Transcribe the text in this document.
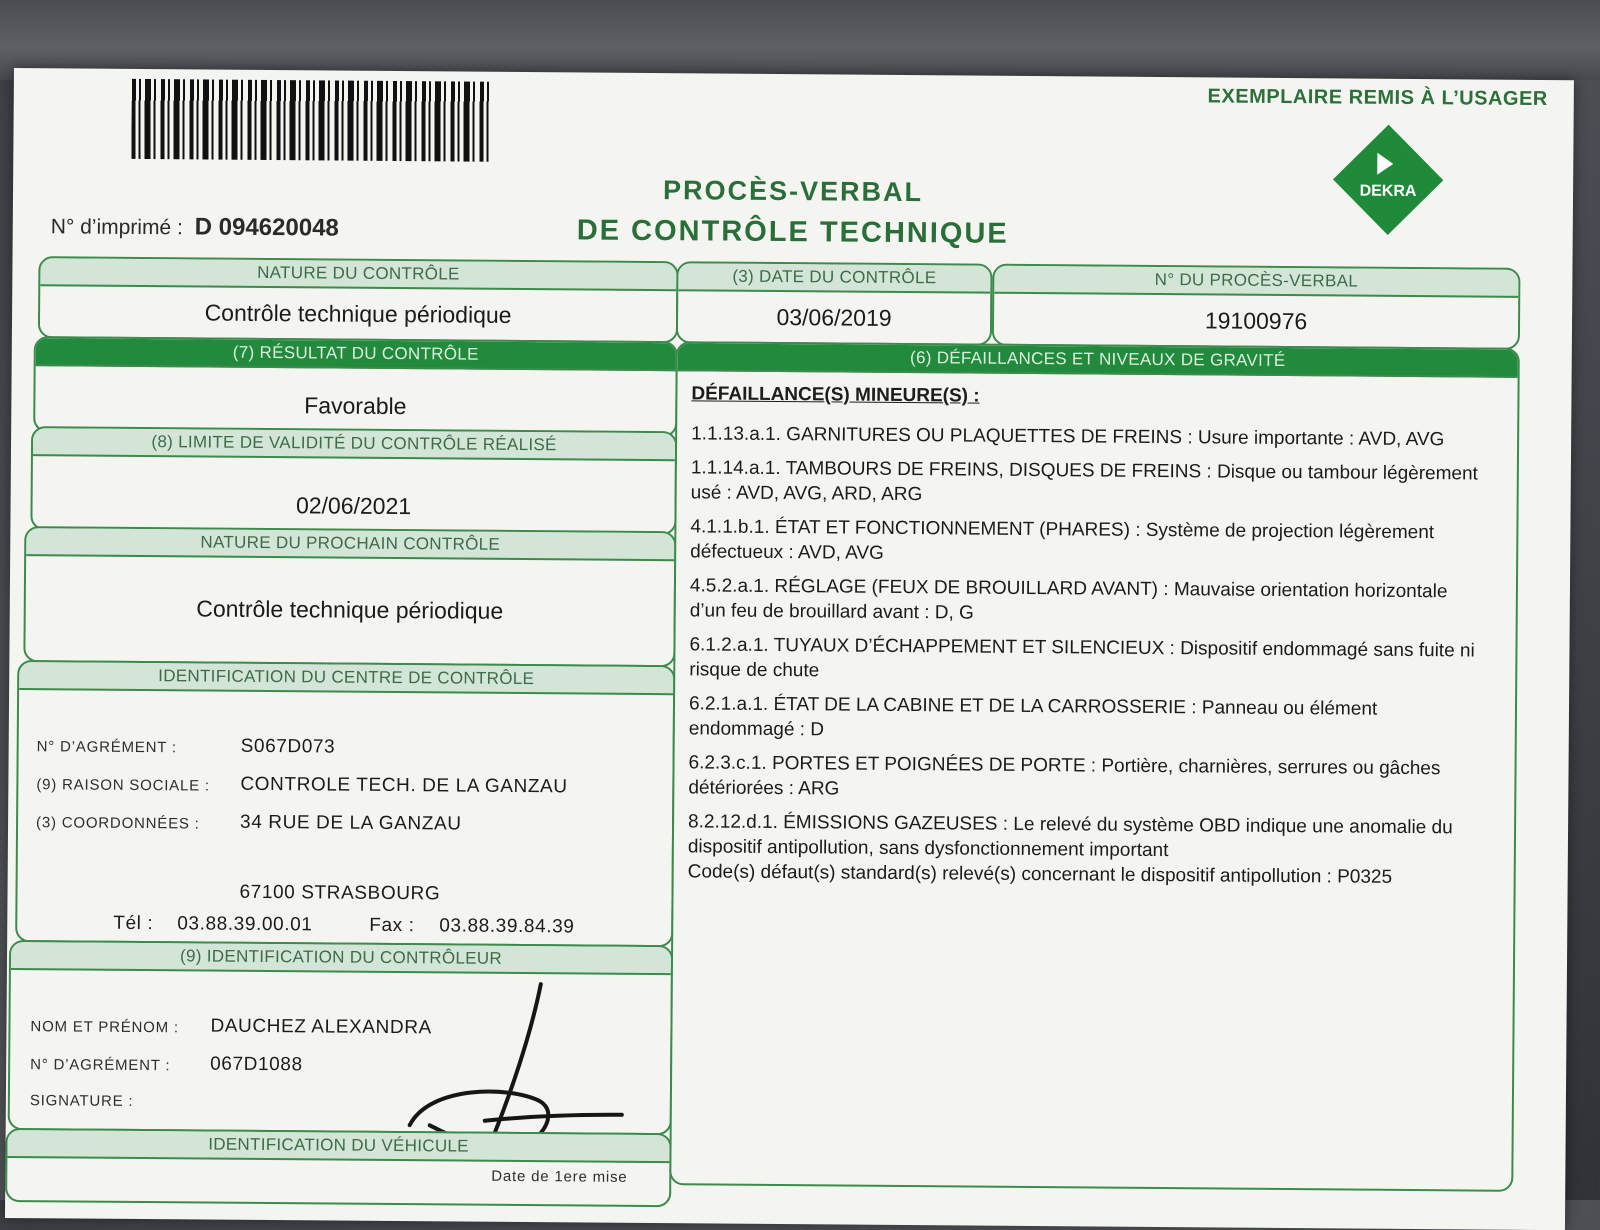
EXEMPLAIRE REMIS À L’USAGER
DEKRA
PROCÈS-VERBAL
DE CONTRÔLE TECHNIQUE
N° d’imprimé : D 094620048
NATURE DU CONTRÔLE
Contrôle technique périodique
(3) DATE DU CONTRÔLE
03/06/2019
N° DU PROCÈS-VERBAL
19100976
(7) RÉSULTAT DU CONTRÔLE
Favorable
(8) LIMITE DE VALIDITÉ DU CONTRÔLE RÉALISÉ
02/06/2021
NATURE DU PROCHAIN CONTRÔLE
Contrôle technique périodique
IDENTIFICATION DU CENTRE DE CONTRÔLE
N° D’AGRÉMENT :	S067D073
(9) RAISON SOCIALE : CONTROLE TECH. DE LA GANZAU
(3) COORDONNÉES : 34 RUE DE LA GANZAU
67100 STRASBOURG
Tél : 03.88.39.00.01	Fax : 03.88.39.84.39
(9) IDENTIFICATION DU CONTRÔLEUR
NOM ET PRÉNOM : DAUCHEZ ALEXANDRA
N° D’AGRÉMENT : 067D1088
SIGNATURE :
IDENTIFICATION DU VÉHICULE
Date de 1ere mise
(6) DÉFAILLANCES ET NIVEAUX DE GRAVITÉ
DÉFAILLANCE(S) MINEURE(S) :
1.1.13.a.1. GARNITURES OU PLAQUETTES DE FREINS : Usure importante : AVD, AVG
1.1.14.a.1. TAMBOURS DE FREINS, DISQUES DE FREINS : Disque ou tambour légèrement usé : AVD, AVG, ARD, ARG
4.1.1.b.1. ÉTAT ET FONCTIONNEMENT (PHARES) : Système de projection légèrement défectueux : AVD, AVG
4.5.2.a.1. RÉGLAGE (FEUX DE BROUILLARD AVANT) : Mauvaise orientation horizontale d’un feu de brouillard avant : D, G
6.1.2.a.1. TUYAUX D’ÉCHAPPEMENT ET SILENCIEUX : Dispositif endommagé sans fuite ni risque de chute
6.2.1.a.1. ÉTAT DE LA CABINE ET DE LA CARROSSERIE : Panneau ou élément endommagé : D
6.2.3.c.1. PORTES ET POIGNÉES DE PORTE : Portière, charnières, serrures ou gâches détériorées : ARG
8.2.12.d.1. ÉMISSIONS GAZEUSES : Le relevé du système OBD indique une anomalie du dispositif antipollution, sans dysfonctionnement important
Code(s) défaut(s) standard(s) relevé(s) concernant le dispositif antipollution : P0325
